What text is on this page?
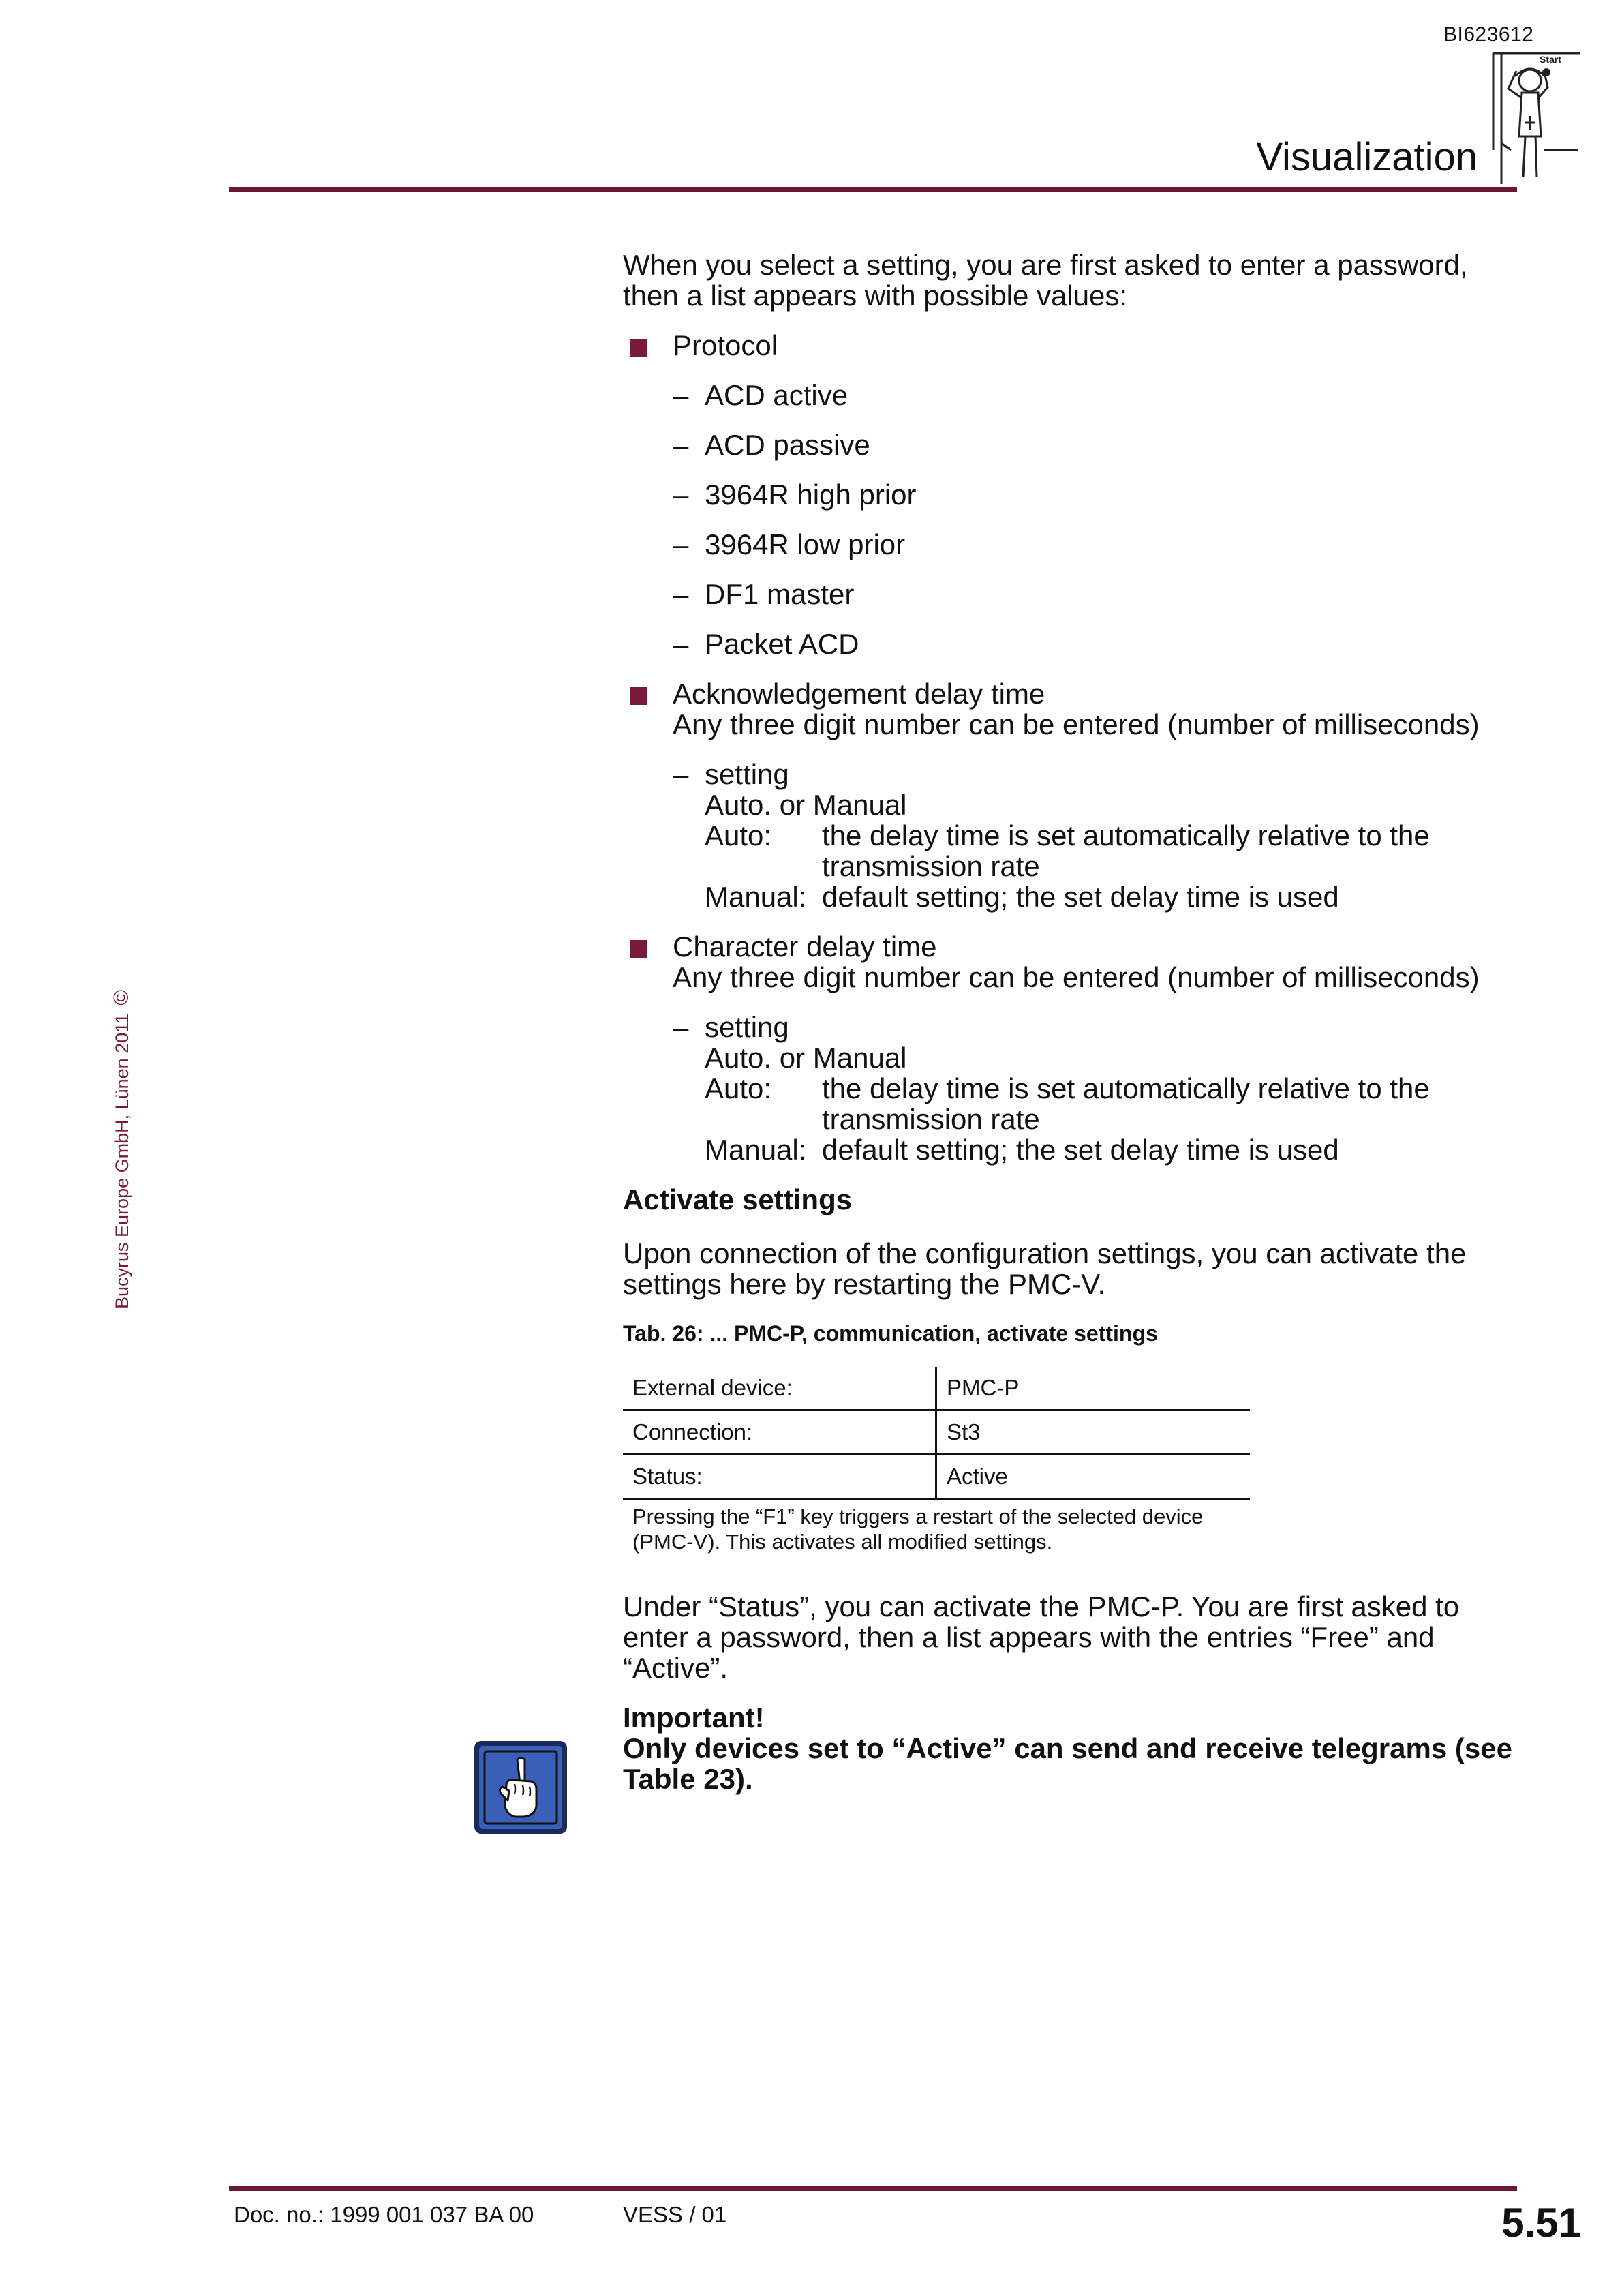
BI623612
Visualization
Start
Bucyrus Europe GmbH, Lünen 2011©

When you select a setting, you are first asked to enter a password, then a list appears with possible values:

Protocol
– ACD active
– ACD passive
– 3964R high prior
– 3964R low prior
– DF1 master
– Packet ACD
Acknowledgement delay time
Any three digit number can be entered (number of milliseconds)
– setting
Auto. or Manual
Auto:	the delay time is set automatically relative to the transmission rate
Manual: default setting; the set delay time is used
Character delay time
Any three digit number can be entered (number of milliseconds)
– setting
Auto. or Manual
Auto:	the delay time is set automatically relative to the transmission rate
Manual: default setting; the set delay time is used
Activate settings

Upon connection of the configuration settings, you can activate the settings here by restarting the PMC-V.

Tab. 26: ... PMC-P, communication, activate settings
External device:	PMC-P
Connection:	St3
Status:	Active
Pressing the “F1” key triggers a restart of the selected device (PMC-V). This activates all modified settings.	

Under “Status”, you can activate the PMC-P. You are first asked to enter a password, then a list appears with the entries “Free” and “Active”.

Important!
Only devices set to “Active” can send and receive telegrams (see Table 23).
Doc. no.: 1999 001 037 BA 00	VESS / 01	5.51
